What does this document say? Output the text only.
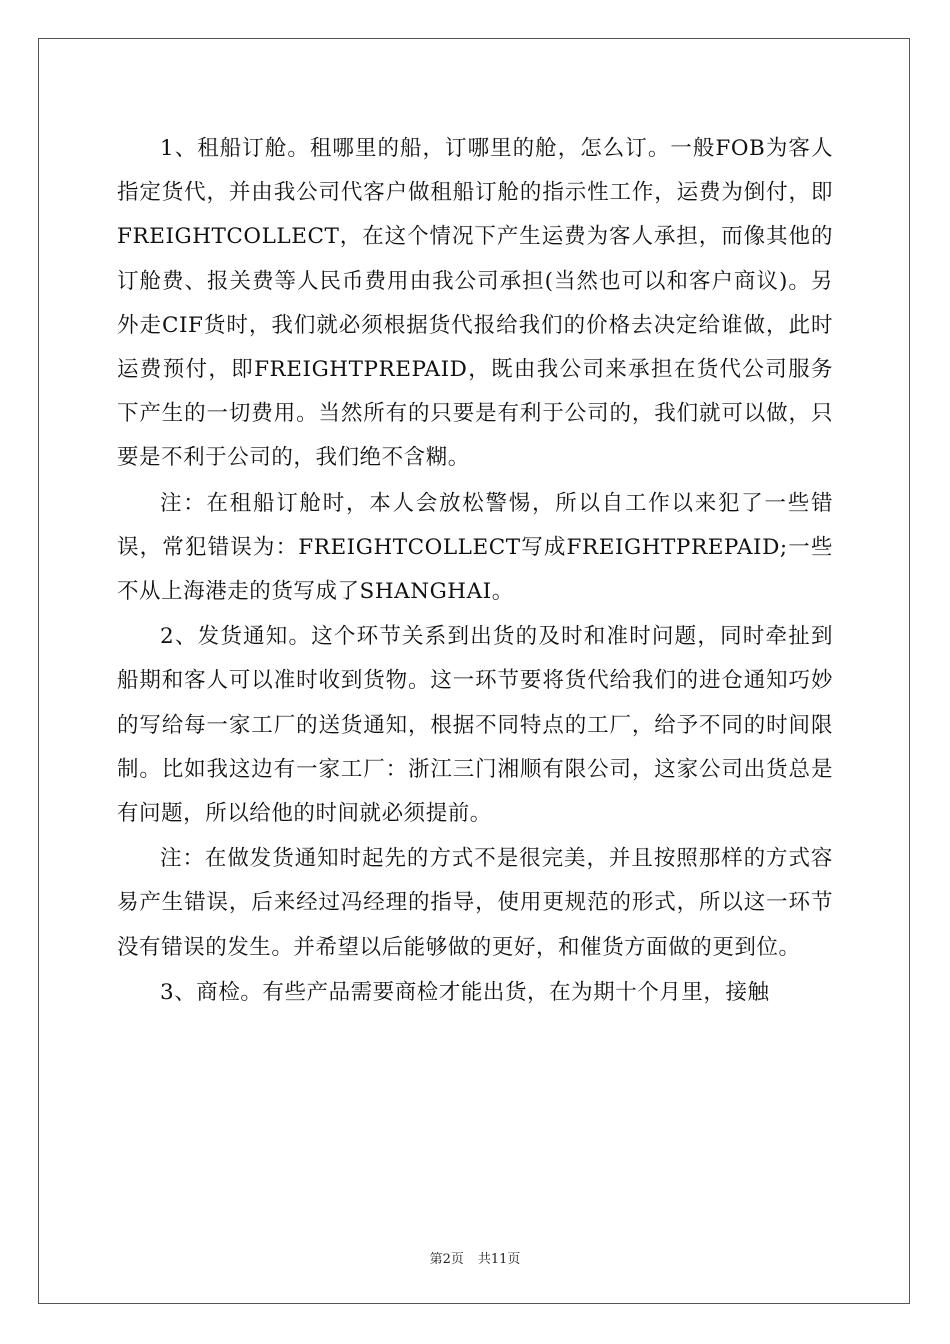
1、租船订舱。租哪里的船，订哪里的舱，怎么订。一般FOB为客人指定货代，并由我公司代客户做租船订舱的指示性工作，运费为倒付，即FREIGHTCOLLECT，在这个情况下产生运费为客人承担，而像其他的订舱费、报关费等人民币费用由我公司承担(当然也可以和客户商议)。另外走CIF货时，我们就必须根据货代报给我们的价格去决定给谁做，此时运费预付，即FREIGHTPREPAID，既由我公司来承担在货代公司服务下产生的一切费用。当然所有的只要是有利于公司的，我们就可以做，只要是不利于公司的，我们绝不含糊。

注：在租船订舱时，本人会放松警惕，所以自工作以来犯了一些错误，常犯错误为：FREIGHTCOLLECT写成FREIGHTPREPAID;一些不从上海港走的货写成了SHANGHAI。

2、发货通知。这个环节关系到出货的及时和准时问题，同时牵扯到船期和客人可以准时收到货物。这一环节要将货代给我们的进仓通知巧妙的写给每一家工厂的送货通知，根据不同特点的工厂，给予不同的时间限制。比如我这边有一家工厂：浙江三门湘顺有限公司，这家公司出货总是有问题，所以给他的时间就必须提前。

注：在做发货通知时起先的方式不是很完美，并且按照那样的方式容易产生错误，后来经过冯经理的指导，使用更规范的形式，所以这一环节没有错误的发生。并希望以后能够做的更好，和催货方面做的更到位。

3、商检。有些产品需要商检才能出货，在为期十个月里，接触

第2页 共11页
